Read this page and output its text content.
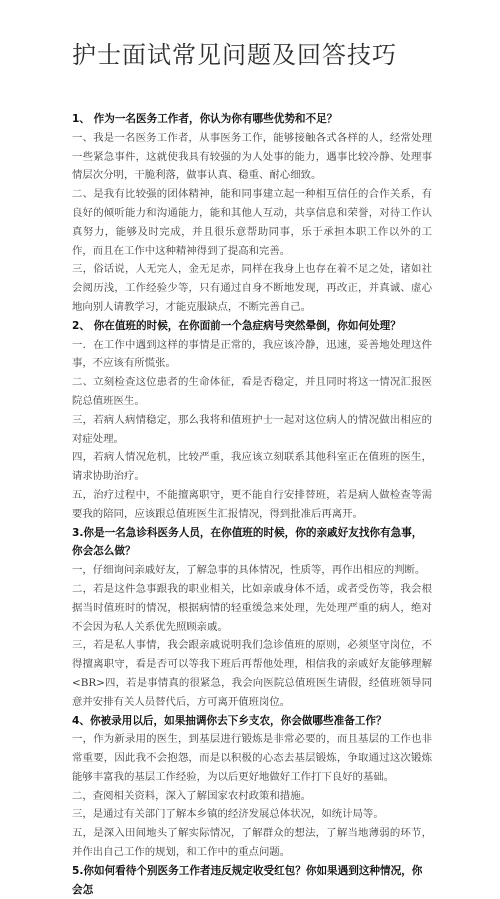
护士面试常见问题及回答技巧

1、 作为一名医务工作者，你认为你有哪些优势和不足？

一、我是一名医务工作者，从事医务工作，能够接触各式各样的人，经常处理一些紧急事件，这就使我具有较强的为人处事的能力，遇事比较冷静、处理事情层次分明，干脆利落，做事认真、稳重、耐心细致。

二、是我有比较强的团体精神，能和同事建立起一种相互信任的合作关系，有良好的倾听能力和沟通能力，能和其他人互动，共享信息和荣誉，对待工作认真努力，能够及时完成，并且很乐意帮助同事，乐于承担本职工作以外的工作，而且在工作中这种精神得到了提高和完善。

三，俗话说，人无完人，金无足赤，同样在我身上也存在着不足之处，诸如社会阅历浅，工作经验少等，只有通过自身不断地发现，再改正，并真诚、虚心地向别人请教学习，才能克服缺点，不断完善自己。

2、 你在值班的时候，在你面前一个急症病号突然晕倒，你如何处理？

一．在工作中遇到这样的事情是正常的，我应该冷静，迅速，妥善地处理这件事，不应该有所慌张。

二、立刻检查这位患者的生命体征，看是否稳定，并且同时将这一情况汇报医院总值班医生。

三，若病人病情稳定，那么我将和值班护士一起对这位病人的情况做出相应的对症处理。

四，若病人情况危机，比较严重，我应该立刻联系其他科室正在值班的医生，请求协助治疗。

五，治疗过程中，不能擅离职守，更不能自行安排替班，若是病人做检查等需要我的陪同，应该跟总值班医生汇报情况，得到批准后再离开。

3.你是一名急诊科医务人员，在你值班的时候，你的亲戚好友找你有急事，你会怎么做？

一，仔细询问亲戚好友，了解急事的具体情况，性质等，再作出相应的判断。

二，若是这件急事跟我的职业相关，比如亲戚身体不适，或者受伤等，我会根据当时值班时的情况，根据病情的轻重缓急来处理，先处理严重的病人，绝对不会因为私人关系优先照顾亲戚。

三，若是私人事情，我会跟亲戚说明我们急诊值班的原则，必须坚守岗位，不得擅离职守，看是否可以等我下班后再帮他处理，相信我的亲戚好友能够理解<BR>四，若是事情真的很紧急，我会向医院总值班医生请假，经值班领导同意并安排有关人员替代后，方可离开值班岗位。

4、你被录用以后，如果抽调你去下乡支农，你会做哪些准备工作？

一，作为新录用的医生，到基层进行锻炼是非常必要的，而且基层的工作也非常重要，因此我不会抱怨，而是以积极的心态去基层锻炼，争取通过这次锻炼能够丰富我的基层工作经验，为以后更好地做好工作打下良好的基础。

二，查阅相关资料，深入了解国家农村政策和措施。

三，是通过有关部门了解本乡镇的经济发展总体状况，如统计局等。

五，是深入田间地头了解实际情况，了解群众的想法，了解当地薄弱的环节，并作出自己工作的规划，和工作中的重点问题。

5.你如何看待个别医务工作者违反规定收受红包？你如果遇到这种情况，你会怎
